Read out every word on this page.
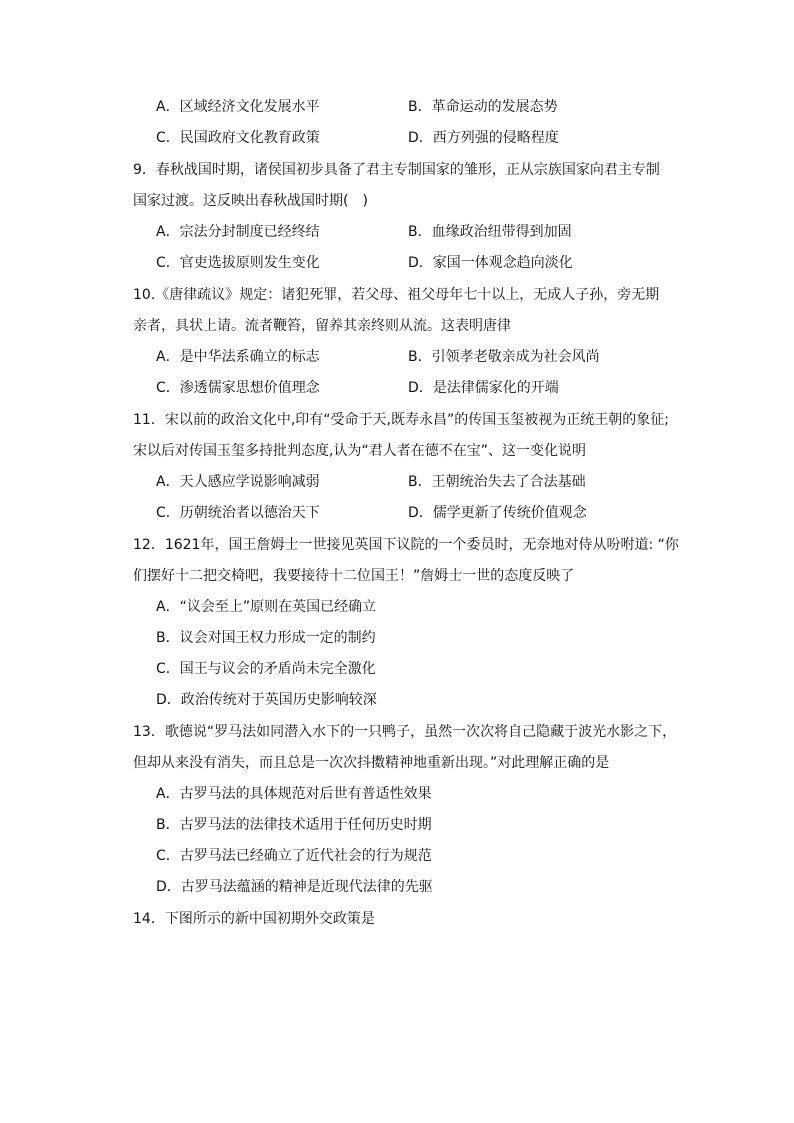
A．区域经济文化发展水平	B．革命运动的发展态势
C．民国政府文化教育政策	D．西方列强的侵略程度
9．春秋战国时期，诸侯国初步具备了君主专制国家的雏形，正从宗族国家向君主专制
国家过渡。这反映出春秋战国时期(　)
A．宗法分封制度已经终结	B．血缘政治纽带得到加固
C．官吏选拔原则发生变化	D．家国一体观念趋向淡化
10.《唐律疏议》规定：诸犯死罪，若父母、祖父母年七十以上，无成人子孙，旁无期
亲者，具状上请。流者鞭笞，留养其亲终则从流。这表明唐律
A．是中华法系确立的标志	B．引领孝老敬亲成为社会风尚
C．渗透儒家思想价值理念	D．是法律儒家化的开端
11．宋以前的政治文化中,印有“受命于天,既寿永昌”的传国玉玺被视为正统王朝的象征;
宋以后对传国玉玺多持批判态度,认为“君人者在德不在宝”、这一变化说明
A．天人感应学说影响减弱	B．王朝统治失去了合法基础
C．历朝统治者以德治天下	D．儒学更新了传统价值观念
12．1621年，国王詹姆士一世接见英国下议院的一个委员时，无奈地对侍从吩咐道: “你
们摆好十二把交椅吧，我要接待十二位国王！”詹姆士一世的态度反映了
A．“议会至上”原则在英国已经确立
B．议会对国王权力形成一定的制约
C．国王与议会的矛盾尚未完全激化
D．政治传统对于英国历史影响较深
13．歌德说“罗马法如同潜入水下的一只鸭子，虽然一次次将自己隐藏于波光水影之下，
但却从来没有消失，而且总是一次次抖擞精神地重新出现。”对此理解正确的是
A．古罗马法的具体规范对后世有普适性效果
B．古罗马法的法律技术适用于任何历史时期
C．古罗马法已经确立了近代社会的行为规范
D．古罗马法蕴涵的精神是近现代法律的先驱
14．下图所示的新中国初期外交政策是
